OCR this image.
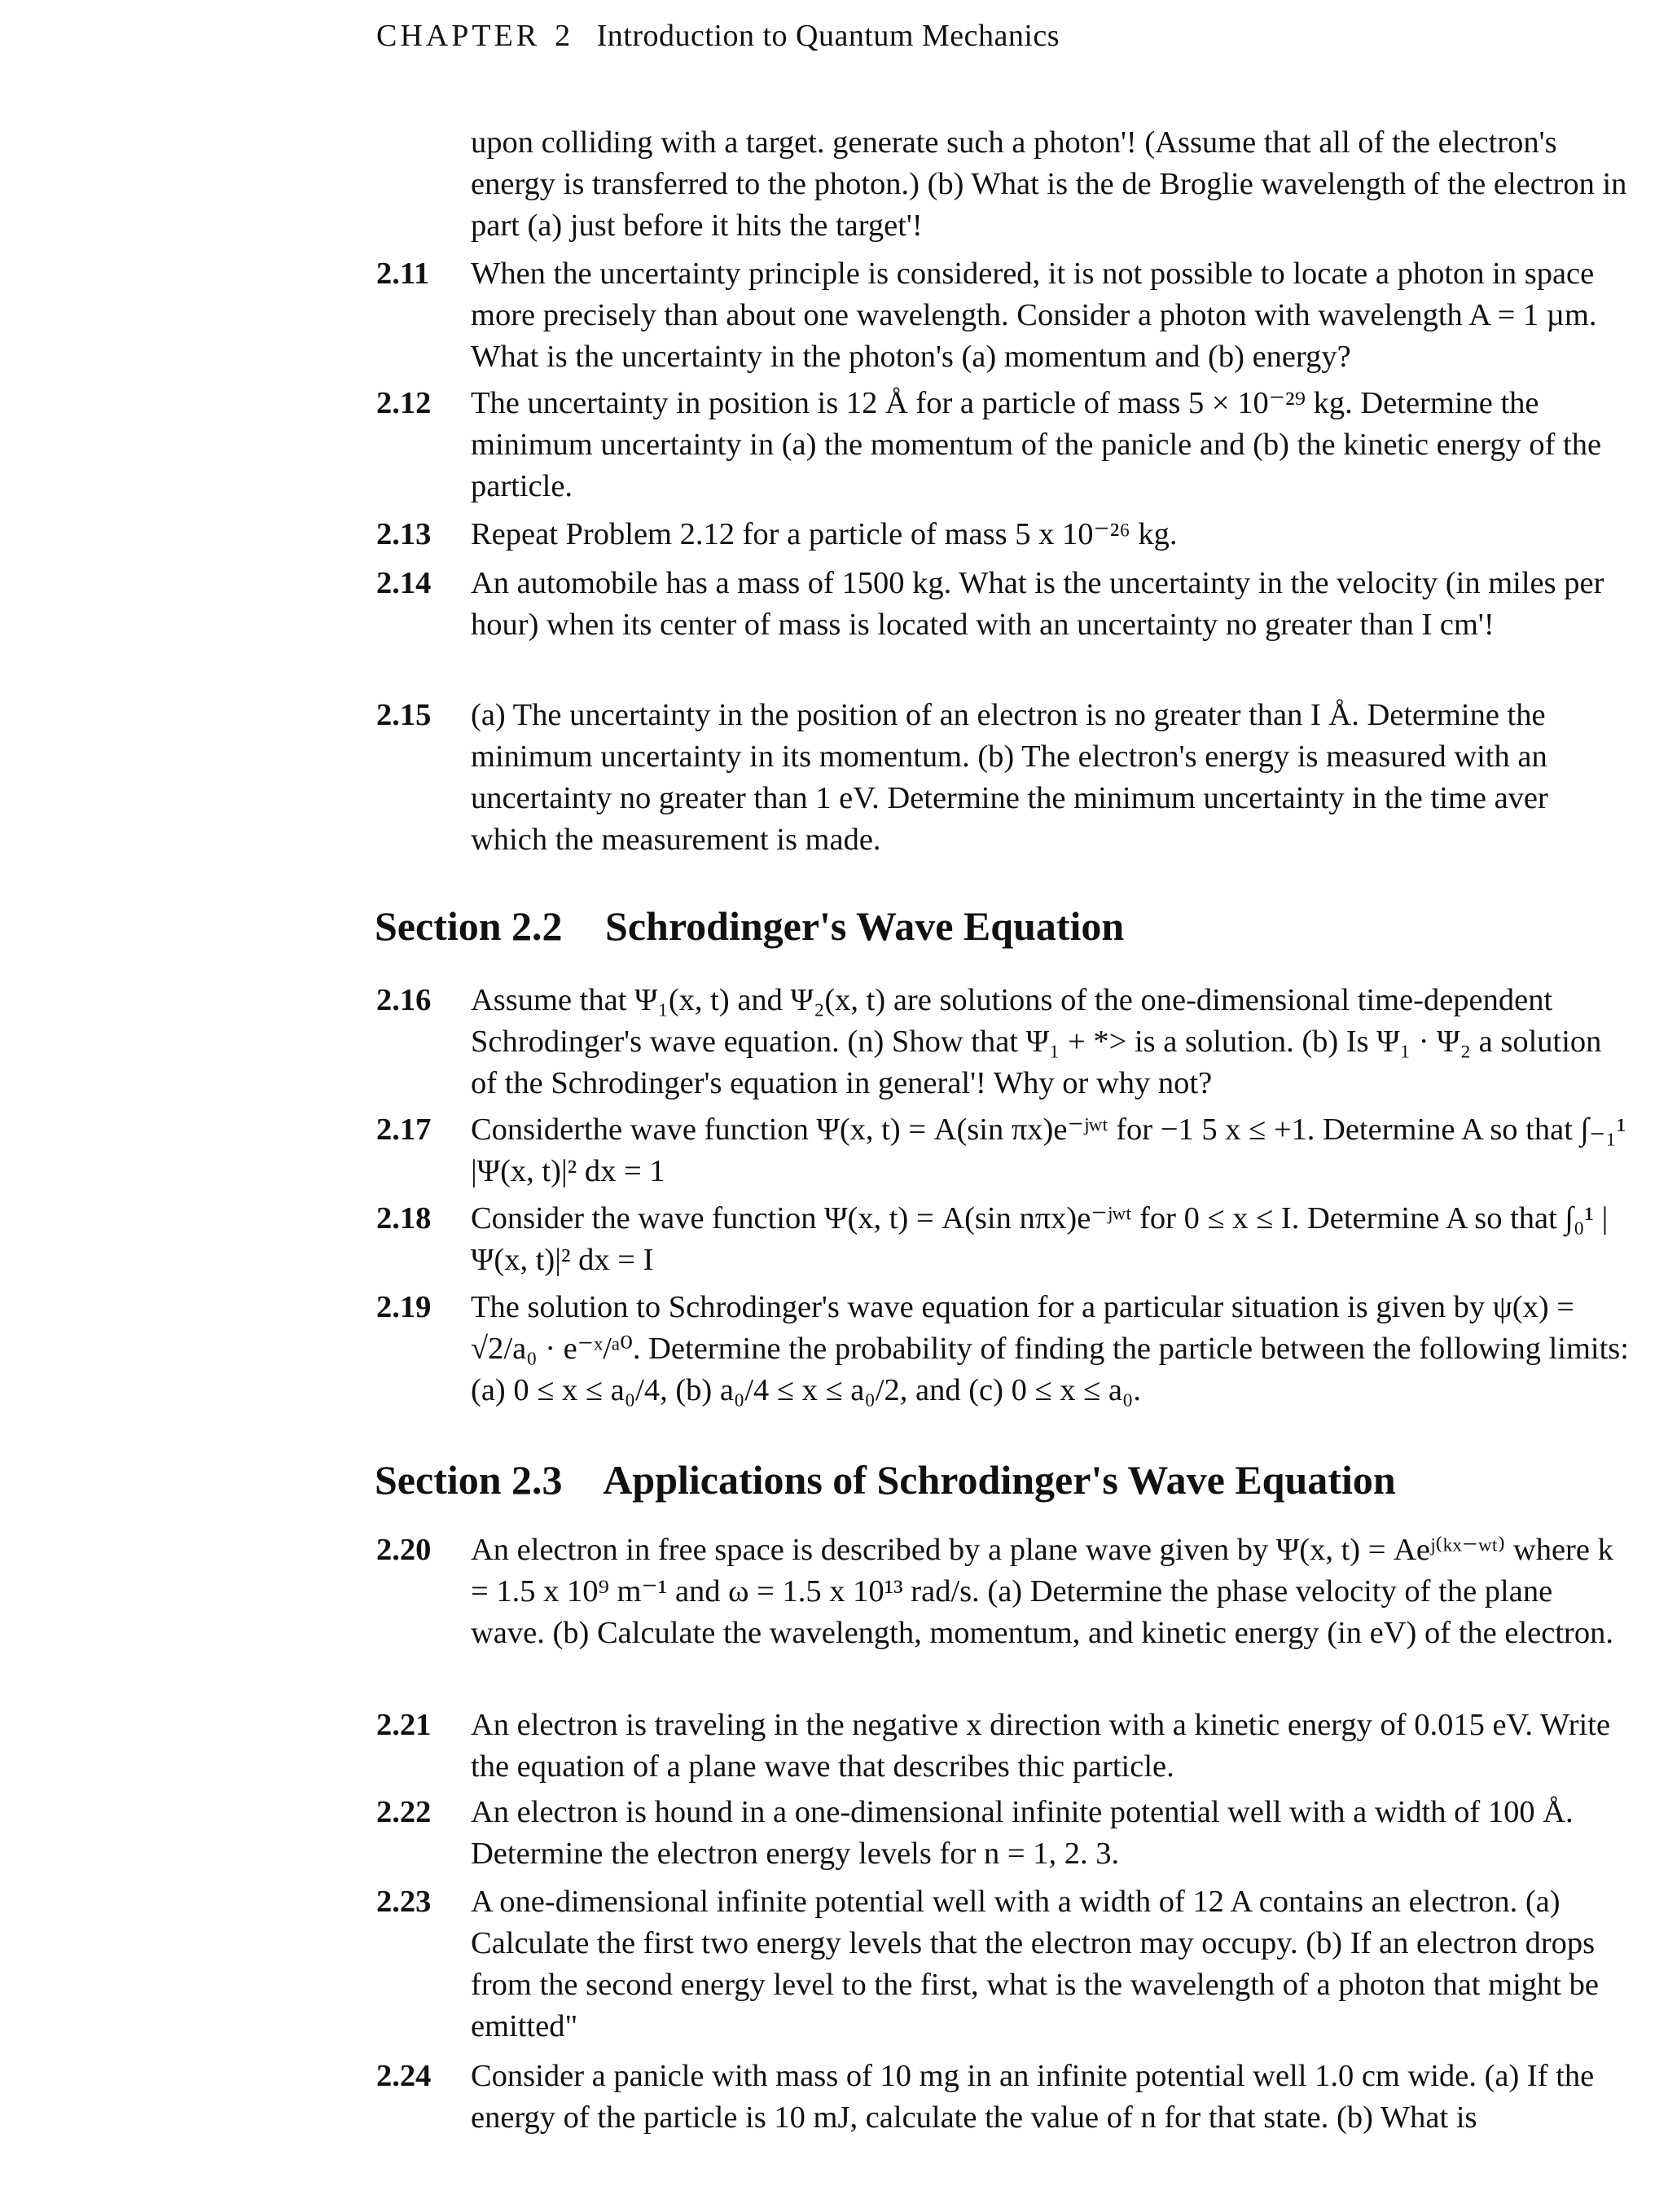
CHAPTER 2 Introduction to Quantum Mechanics
upon colliding with a target. generate such a photon'! (Assume that all of the electron's energy is transferred to the photon.) (b) What is the de Broglie wavelength of the electron in part (a) just before it hits the target'!
2.11 When the uncertainty principle is considered, it is not possible to locate a photon in space more precisely than about one wavelength. Consider a photon with wavelength A = 1 µm. What is the uncertainty in the photon's (a) momentum and (b) energy?
2.12 The uncertainty in position is 12 Å for a particle of mass 5 × 10⁻²⁹ kg. Determine the minimum uncertainty in (a) the momentum of the panicle and (b) the kinetic energy of the particle.
2.13 Repeat Problem 2.12 for a particle of mass 5 x 10⁻²⁶ kg.
2.14 An automobile has a mass of 1500 kg. What is the uncertainty in the velocity (in miles per hour) when its center of mass is located with an uncertainty no greater than I cm'!
2.15 (a) The uncertainty in the position of an electron is no greater than I Å. Determine the minimum uncertainty in its momentum. (b) The electron's energy is measured with an uncertainty no greater than 1 eV. Determine the minimum uncertainty in the time aver which the measurement is made.
Section 2.2 Schrodinger's Wave Equation
2.16 Assume that Ψ₁(x, t) and Ψ₂(x, t) are solutions of the one-dimensional time-dependent Schrodinger's wave equation. (n) Show that Ψ₁ + *> is a solution. (b) Is Ψ₁ · Ψ₂ a solution of the Schrodinger's equation in general'! Why or why not?
2.17 Considerthe wave function Ψ(x, t) = A(sin πx)e⁻ʲʷᵗ for −1 5 x ≤ +1. Determine A so that ∫₋₁¹ |Ψ(x, t)|² dx = 1
2.18 Consider the wave function Ψ(x, t) = A(sin nπx)e⁻ʲʷᵗ for 0 ≤ x ≤ I. Determine A so that ∫₀¹ |Ψ(x, t)|² dx = I
2.19 The solution to Schrodinger's wave equation for a particular situation is given by ψ(x) = √2/a₀ · e⁻ˣ/ᵃ⁰. Determine the probability of finding the particle between the following limits: (a) 0 ≤ x ≤ a₀/4, (b) a₀/4 ≤ x ≤ a₀/2, and (c) 0 ≤ x ≤ a₀.
Section 2.3 Applications of Schrodinger's Wave Equation
2.20 An electron in free space is described by a plane wave given by Ψ(x, t) = Aeʲ⁽ᵏˣ⁻ʷᵗ⁾ where k = 1.5 x 10⁹ m⁻¹ and ω = 1.5 x 10¹³ rad/s. (a) Determine the phase velocity of the plane wave. (b) Calculate the wavelength, momentum, and kinetic energy (in eV) of the electron.
2.21 An electron is traveling in the negative x direction with a kinetic energy of 0.015 eV. Write the equation of a plane wave that describes thic particle.
2.22 An electron is hound in a one-dimensional infinite potential well with a width of 100 Å. Determine the electron energy levels for n = 1, 2. 3.
2.23 A one-dimensional infinite potential well with a width of 12 A contains an electron. (a) Calculate the first two energy levels that the electron may occupy. (b) If an electron drops from the second energy level to the first, what is the wavelength of a photon that might be emitted"
2.24 Consider a panicle with mass of 10 mg in an infinite potential well 1.0 cm wide. (a) If the energy of the particle is 10 mJ, calculate the value of n for that state. (b) What is
